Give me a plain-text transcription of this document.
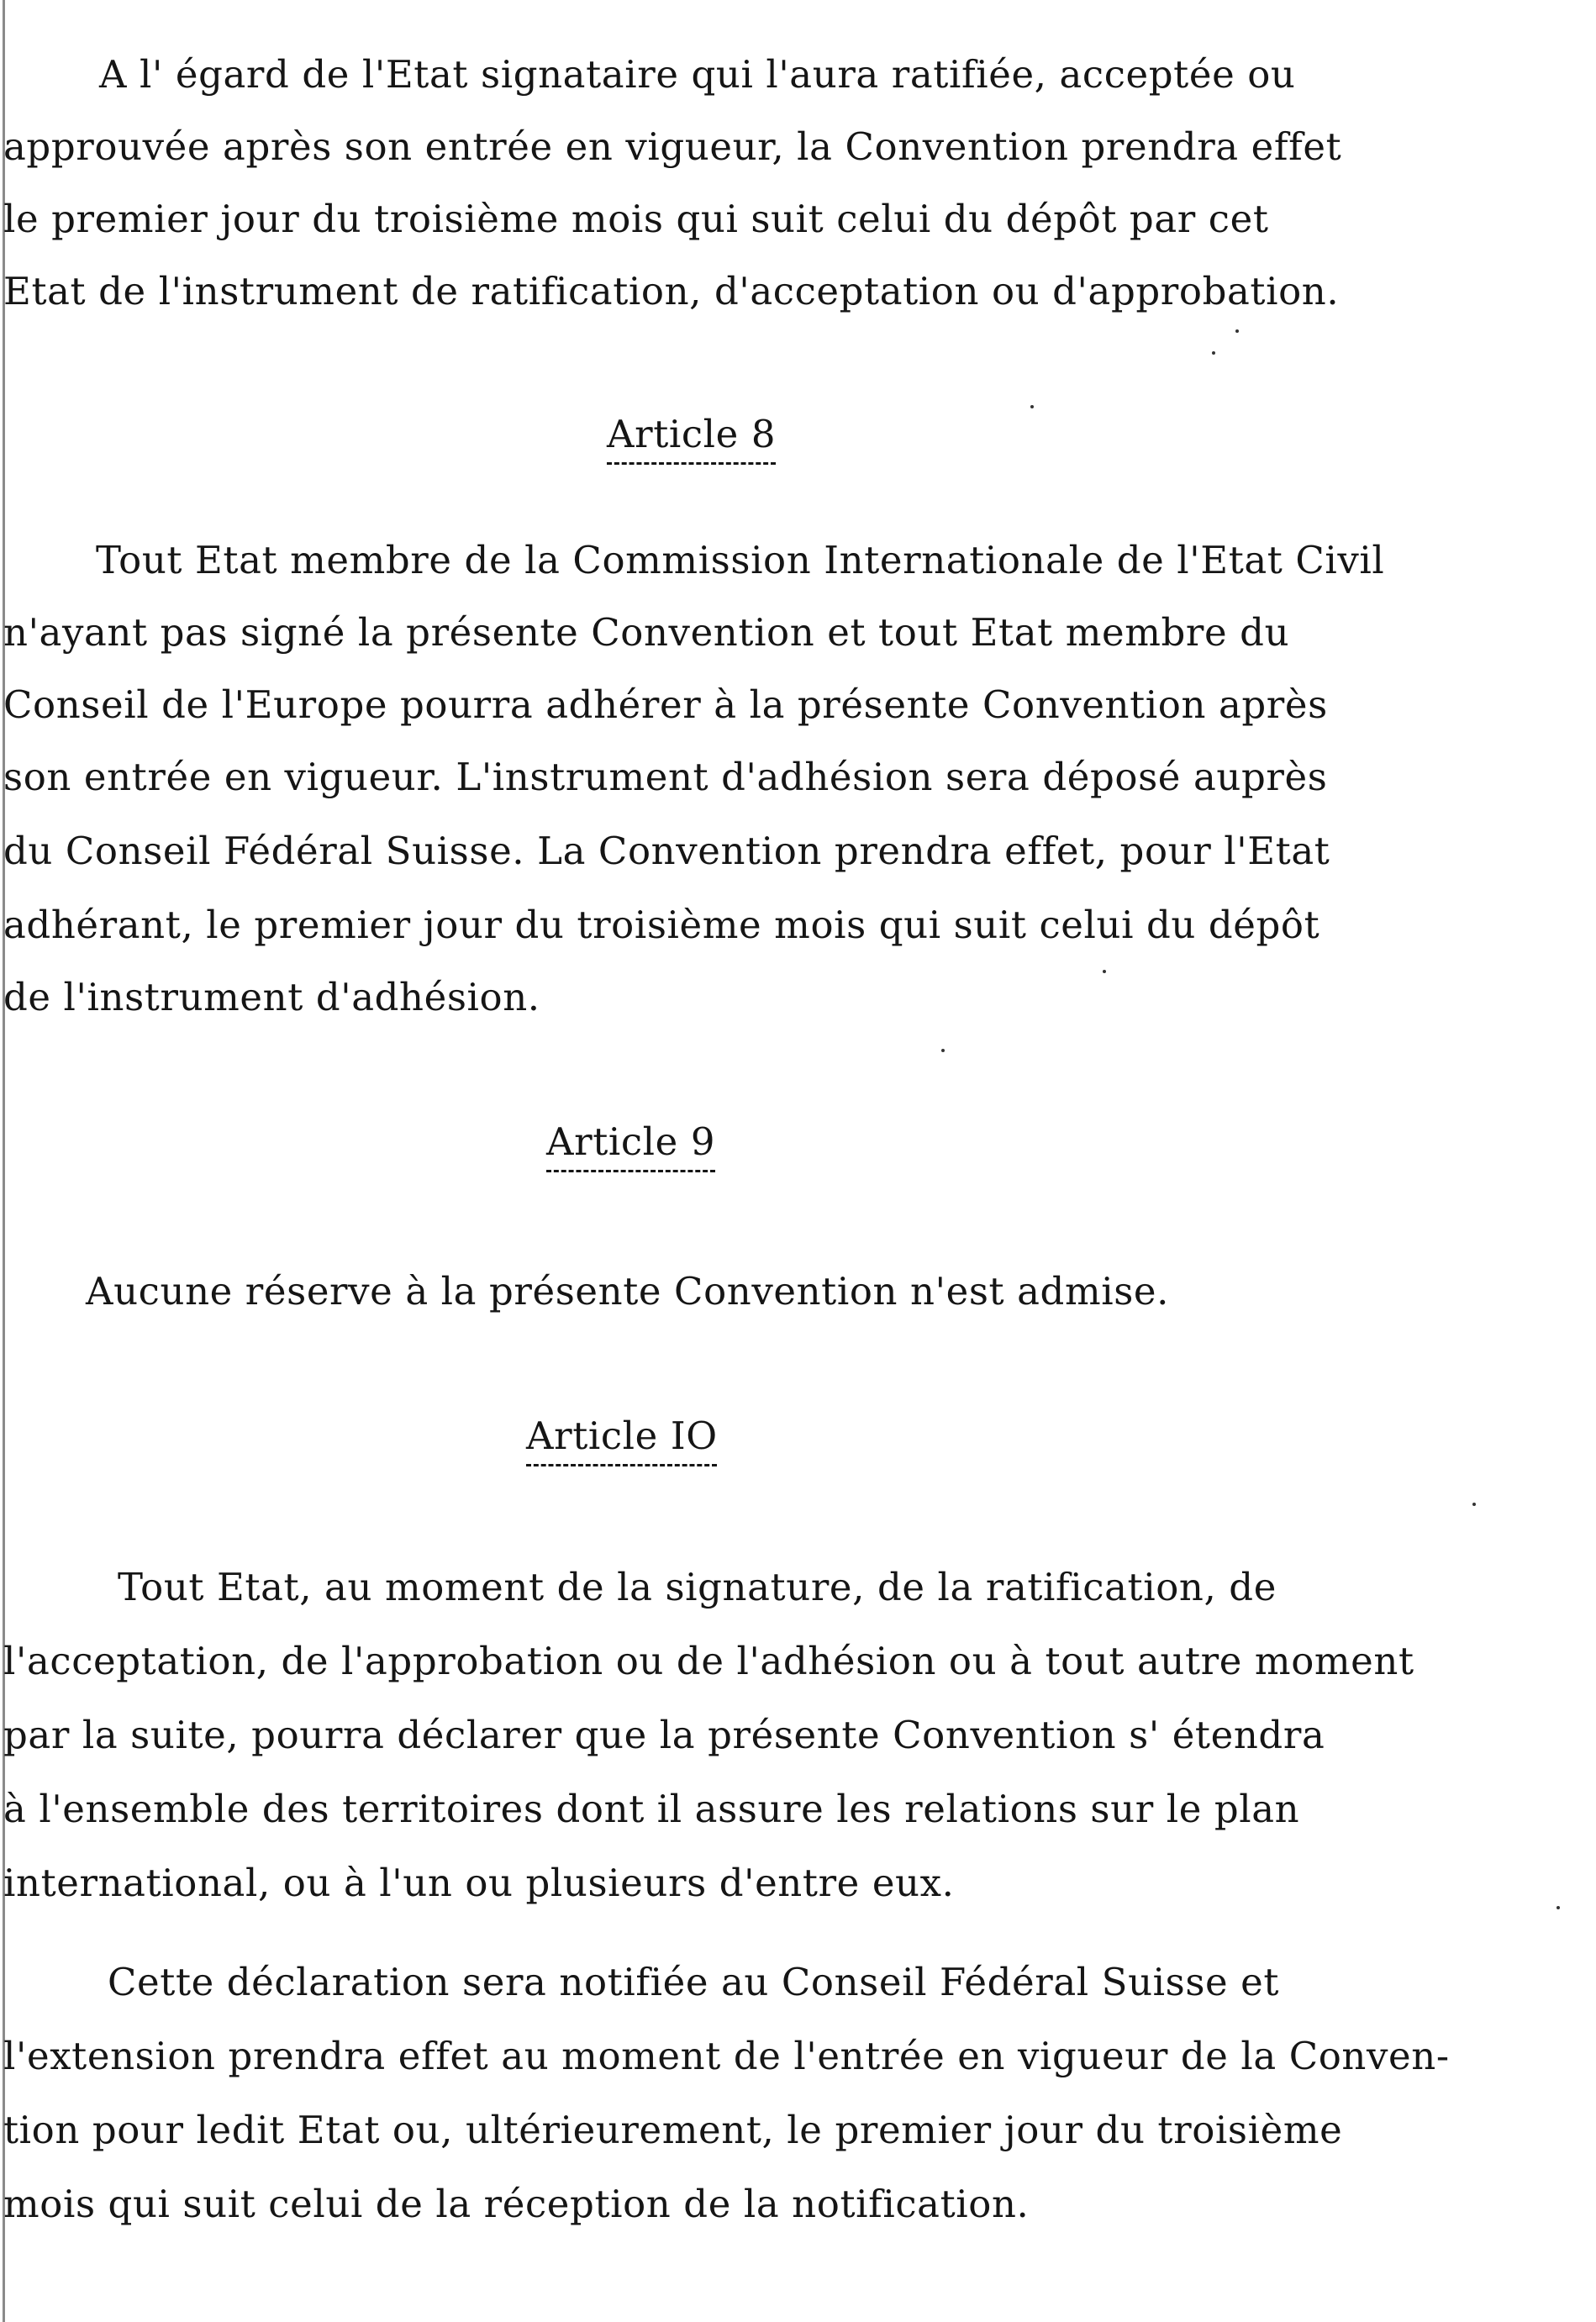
A l' égard de l'Etat signataire qui l'aura ratifiée, acceptée ou
approuvée après son entrée en vigueur, la Convention prendra effet
le premier jour du troisième mois qui suit celui du dépôt par cet
Etat de l'instrument de ratification, d'acceptation ou d'approbation.
Article 8
Tout Etat membre de la Commission Internationale de l'Etat Civil
n'ayant pas signé la présente Convention et tout Etat membre du
Conseil de l'Europe pourra adhérer à la présente Convention après
son entrée en vigueur. L'instrument d'adhésion sera déposé auprès
du Conseil Fédéral Suisse. La Convention prendra effet, pour l'Etat
adhérant, le premier jour du troisième mois qui suit celui du dépôt
de l'instrument d'adhésion.
Article 9
Aucune réserve à la présente Convention n'est admise.
Article IO
Tout Etat, au moment de la signature, de la ratification, de
l'acceptation, de l'approbation ou de l'adhésion ou à tout autre moment
par la suite, pourra déclarer que la présente Convention s' étendra
à l'ensemble des territoires dont il assure les relations sur le plan
international, ou à l'un ou plusieurs d'entre eux.
Cette déclaration sera notifiée au Conseil Fédéral Suisse et
l'extension prendra effet au moment de l'entrée en vigueur de la Conven-
tion pour ledit Etat ou, ultérieurement, le premier jour du troisième
mois qui suit celui de la réception de la notification.
